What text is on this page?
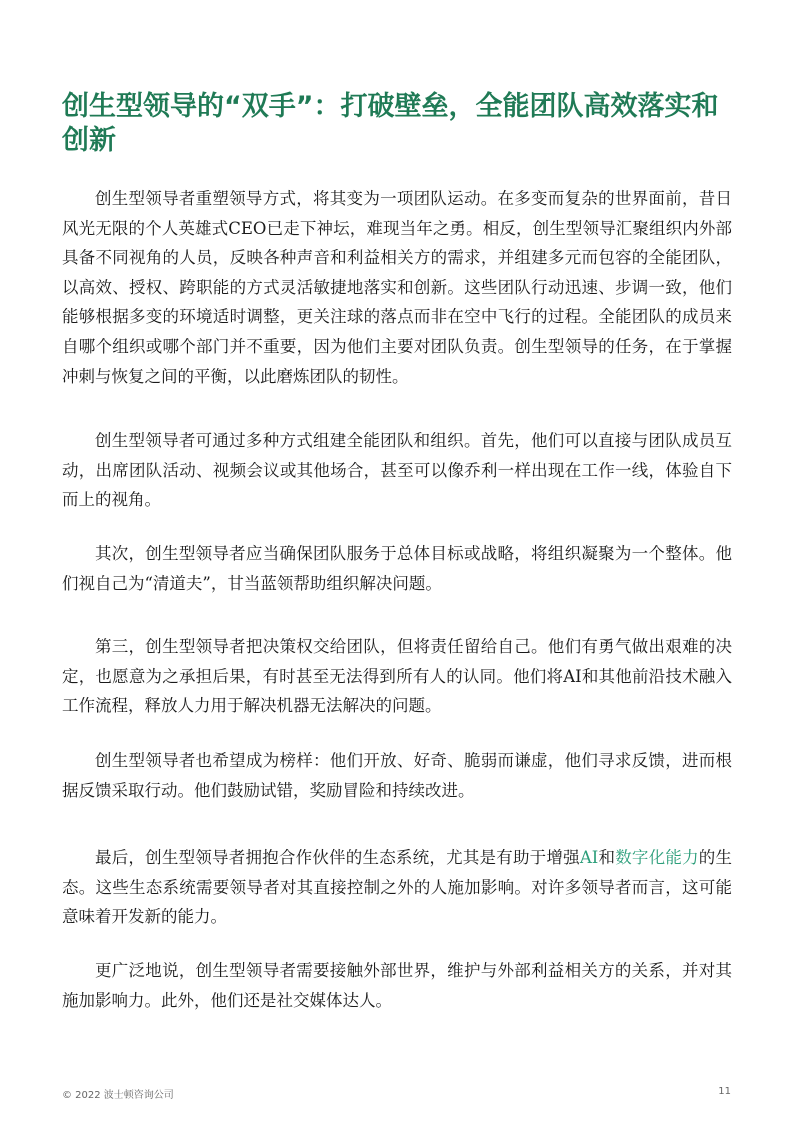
创生型领导的“双手”：打破壁垒，全能团队高效落实和创新

创生型领导者重塑领导方式，将其变为一项团队运动。在多变而复杂的世界面前，昔日风光无限的个人英雄式CEO已走下神坛，难现当年之勇。相反，创生型领导汇聚组织内外部具备不同视角的人员，反映各种声音和利益相关方的需求，并组建多元而包容的全能团队，以高效、授权、跨职能的方式灵活敏捷地落实和创新。这些团队行动迅速、步调一致，他们能够根据多变的环境适时调整，更关注球的落点而非在空中飞行的过程。全能团队的成员来自哪个组织或哪个部门并不重要，因为他们主要对团队负责。创生型领导的任务，在于掌握冲刺与恢复之间的平衡，以此磨炼团队的韧性。

创生型领导者可通过多种方式组建全能团队和组织。首先，他们可以直接与团队成员互动，出席团队活动、视频会议或其他场合，甚至可以像乔利一样出现在工作一线，体验自下而上的视角。

其次，创生型领导者应当确保团队服务于总体目标或战略，将组织凝聚为一个整体。他们视自己为“清道夫”，甘当蓝领帮助组织解决问题。

第三，创生型领导者把决策权交给团队，但将责任留给自己。他们有勇气做出艰难的决定，也愿意为之承担后果，有时甚至无法得到所有人的认同。他们将AI和其他前沿技术融入工作流程，释放人力用于解决机器无法解决的问题。

创生型领导者也希望成为榜样：他们开放、好奇、脆弱而谦虚，他们寻求反馈，进而根据反馈采取行动。他们鼓励试错，奖励冒险和持续改进。

最后，创生型领导者拥抱合作伙伴的生态系统，尤其是有助于增强AI和数字化能力的生态。这些生态系统需要领导者对其直接控制之外的人施加影响。对许多领导者而言，这可能意味着开发新的能力。

更广泛地说，创生型领导者需要接触外部世界，维护与外部利益相关方的关系，并对其施加影响力。此外，他们还是社交媒体达人。

© 2022 波士顿咨询公司	11
